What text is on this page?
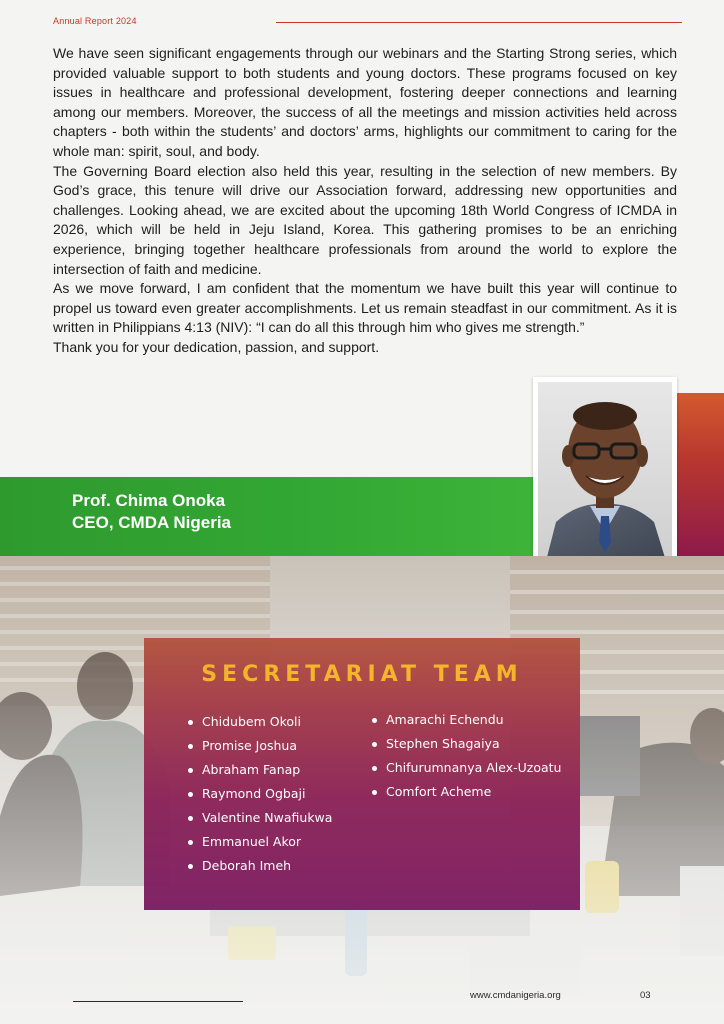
Annual Report 2024

We have seen significant engagements through our webinars and the Starting Strong series, which provided valuable support to both students and young doctors. These programs focused on key issues in healthcare and professional development, fostering deeper connections and learning among our members. Moreover, the success of all the meetings and mission activities held across chapters - both within the students’ and doctors’ arms, highlights our commitment to caring for the whole man: spirit, soul, and body.

The Governing Board election also held this year, resulting in the selection of new members. By God’s grace, this tenure will drive our Association forward, addressing new opportunities and challenges. Looking ahead, we are excited about the upcoming 18th World Congress of ICMDA in 2026, which will be held in Jeju Island, Korea. This gathering promises to be an enriching experience, bringing together healthcare professionals from around the world to explore the intersection of faith and medicine.

As we move forward, I am confident that the momentum we have built this year will continue to propel us toward even greater accomplishments. Let us remain steadfast in our commitment. As it is written in Philippians 4:13 (NIV): “I can do all this through him who gives me strength.”

Thank you for your dedication, passion, and support.

Prof. Chima Onoka
CEO, CMDA Nigeria
SECRETARIAT TEAM
Chidubem Okoli
Promise Joshua
Abraham Fanap
Raymond Ogbaji
Valentine Nwafiukwa
Emmanuel Akor
Deborah Imeh
Amarachi Echendu
Stephen Shagaiya
Chifurumnanya Alex-Uzoatu
Comfort Acheme
www.cmdanigeria.org	03
